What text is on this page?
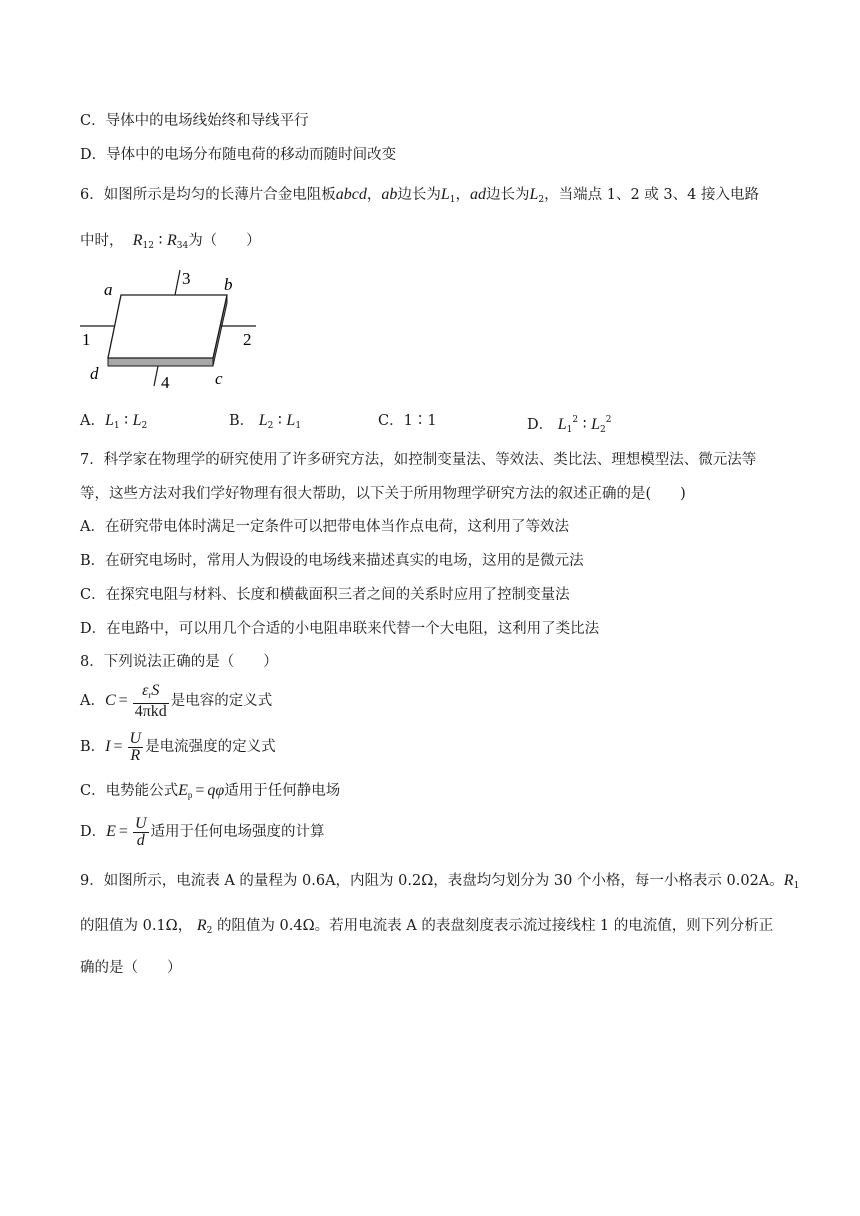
C．导体中的电场线始终和导线平行
D．导体中的电场分布随电荷的移动而随时间改变
6．如图所示是均匀的长薄片合金电阻板abcd，ab边长为$L_1$，ad边长为$L_2$，当端点 1、2 或 3、4 接入电路
中时， $R_{12}$ ∶ $R_{34}$为（　　）
a	b
c
d
1	2
3
4
A．$L_1$ ∶ $L_2$	B． $L_2$ ∶ $L_1$	C．1∶1	D． $L_1^2$ ∶ $L_2^2$
7．科学家在物理学的研究使用了许多研究方法，如控制变量法、等效法、类比法、理想模型法、微元法等
等，这些方法对我们学好物理有很大帮助，以下关于所用物理学研究方法的叙述正确的是(　　)
A．在研究带电体时满足一定条件可以把带电体当作点电荷，这利用了等效法
B．在研究电场时，常用人为假设的电场线来描述真实的电场，这用的是微元法
C．在探究电阻与材料、长度和横截面积三者之间的关系时应用了控制变量法
D．在电路中，可以用几个合适的小电阻串联来代替一个大电阻，这利用了类比法
8．下列说法正确的是（　　）
A．$C = \frac{\varepsilon_rS}{\text{4πkd}}$ 是电容的定义式
B．$I = \frac{U}{R}$ 是电流强度的定义式
C．电势能公式$E_p = q\varphi$适用于任何静电场
D．$E = \frac{U}{d}$ 适用于任何电场强度的计算
9．如图所示，电流表 A 的量程为 0.6A，内阻为 0.2Ω，表盘均匀划分为 30 个小格，每一小格表示 0.02A。$R_1$
的阻值为 0.1Ω， $R_2$ 的阻值为 0.4Ω。若用电流表 A 的表盘刻度表示流过接线柱 1 的电流值，则下列分析正
确的是（　　）
